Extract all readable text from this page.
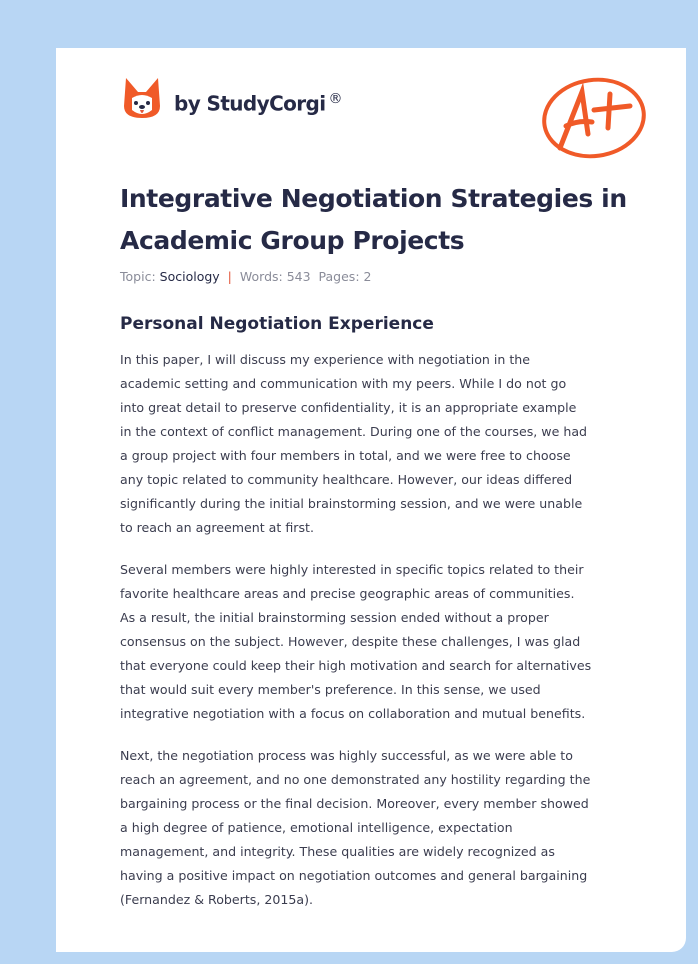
by StudyCorgi ®
Integrative Negotiation Strategies in Academic Group Projects
Topic: Sociology | Words: 543 Pages: 2
Personal Negotiation Experience

In this paper, I will discuss my experience with negotiation in the
academic setting and communication with my peers. While I do not go
into great detail to preserve confidentiality, it is an appropriate example
in the context of conflict management. During one of the courses, we had
a group project with four members in total, and we were free to choose
any topic related to community healthcare. However, our ideas differed
significantly during the initial brainstorming session, and we were unable
to reach an agreement at first.

Several members were highly interested in specific topics related to their
favorite healthcare areas and precise geographic areas of communities.
As a result, the initial brainstorming session ended without a proper
consensus on the subject. However, despite these challenges, I was glad
that everyone could keep their high motivation and search for alternatives
that would suit every member's preference. In this sense, we used
integrative negotiation with a focus on collaboration and mutual benefits.

Next, the negotiation process was highly successful, as we were able to
reach an agreement, and no one demonstrated any hostility regarding the
bargaining process or the final decision. Moreover, every member showed
a high degree of patience, emotional intelligence, expectation
management, and integrity. These qualities are widely recognized as
having a positive impact on negotiation outcomes and general bargaining
(Fernandez & Roberts, 2015a).
